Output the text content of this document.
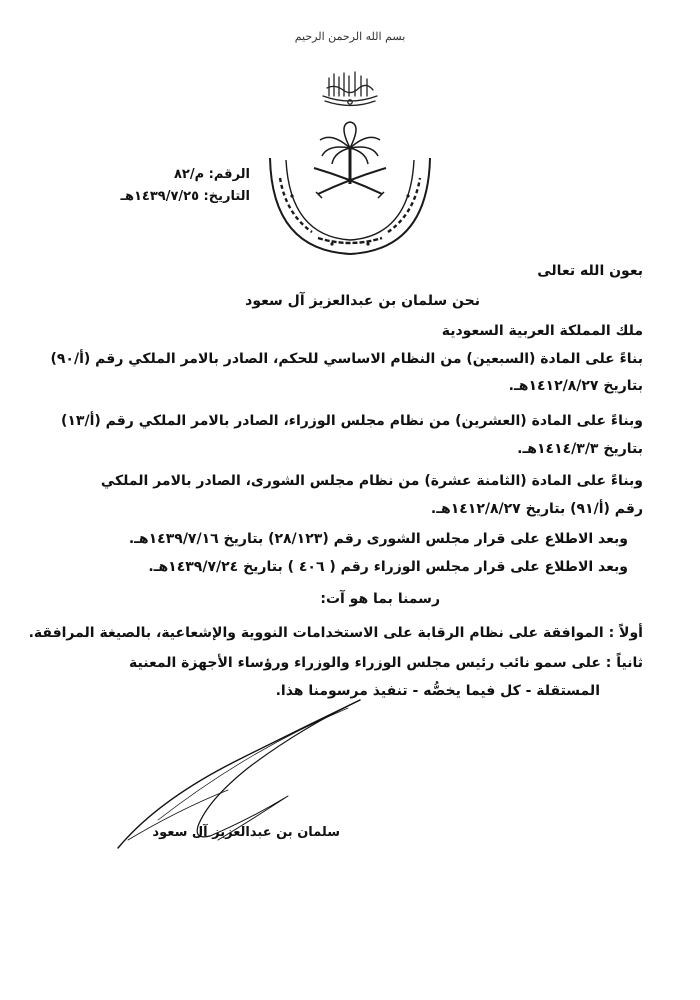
بسم الله الرحمن الرحيم
الرقم: م/٨٢
التاريخ: ١٤٣٩/٧/٢٥هـ
بعون الله تعالى
نحن سلمان بن عبدالعزيز آل سعود
ملك المملكة العربية السعودية
بناءً على المادة (السبعين) من النظام الاساسي للحكم، الصادر بالامر الملكي رقم (أ/٩٠)
بتاريخ ١٤١٢/٨/٢٧هـ.
وبناءً على المادة (العشرين) من نظام مجلس الوزراء، الصادر بالامر الملكي رقم (أ/١٣)
بتاريخ ١٤١٤/٣/٣هـ.
وبناءً على المادة (الثامنة عشرة) من نظام مجلس الشورى، الصادر بالامر الملكي
رقم (أ/٩١) بتاريخ ١٤١٢/٨/٢٧هـ.
وبعد الاطلاع على قرار مجلس الشورى رقم (٢٨/١٢٣) بتاريخ ١٤٣٩/٧/١٦هـ.
وبعد الاطلاع على قرار مجلس الوزراء رقم ( ٤٠٦ ) بتاريخ ١٤٣٩/٧/٢٤هـ.
رسمنا بما هو آت:
أولاً : الموافقة على نظام الرقابة على الاستخدامات النووية والإشعاعية، بالصيغة المرافقة.
ثانياً : على سمو نائب رئيس مجلس الوزراء والوزراء ورؤساء الأجهزة المعنية
المستقلة - كل فيما يخصُّه - تنفيذ مرسومنا هذا.
سلمان بن عبدالعزيز آل سعود
